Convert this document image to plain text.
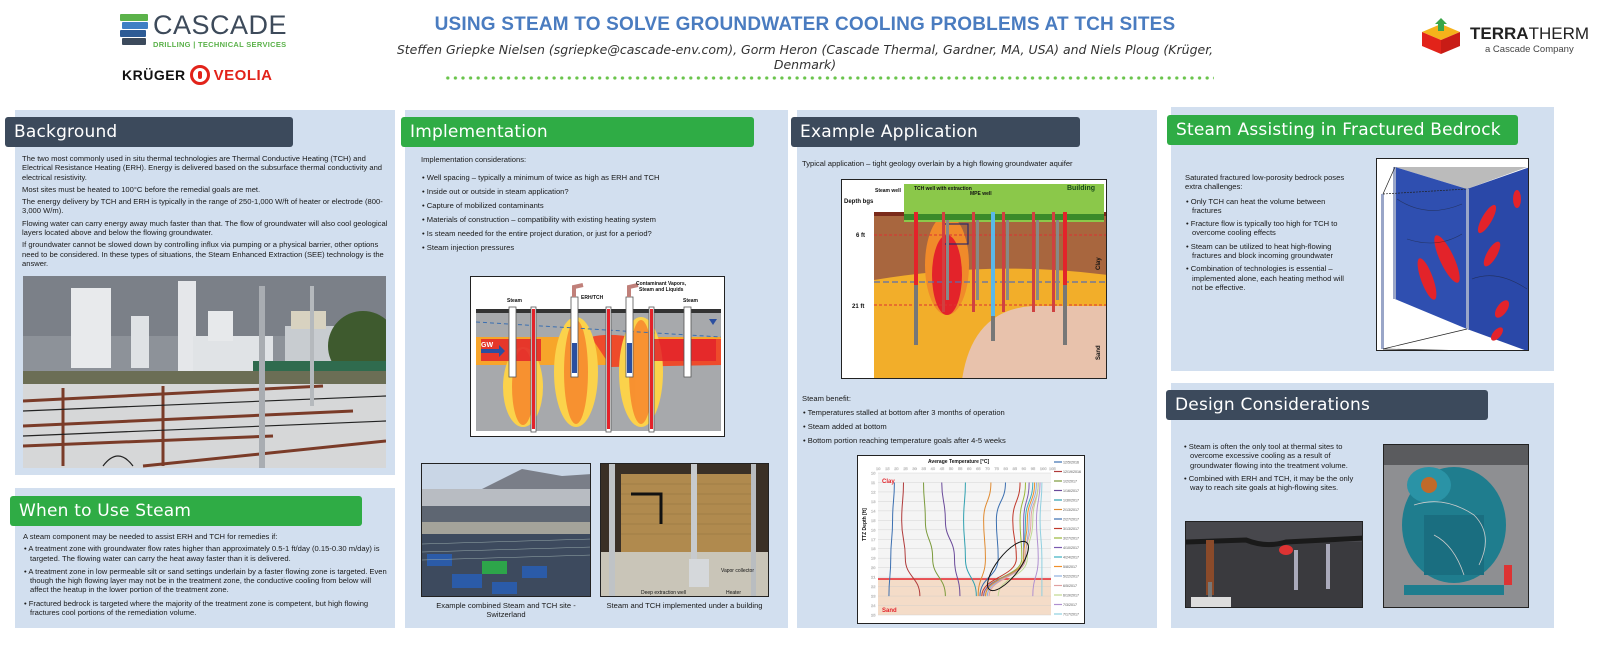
CASCADE
DRILLING | TECHNICAL SERVICES
KRÜGER VEOLIA
USING STEAM TO SOLVE GROUNDWATER COOLING PROBLEMS AT TCH SITES
Steffen Griepke Nielsen (sgriepke@cascade-env.com), Gorm Heron (Cascade Thermal, Gardner, MA, USA) and Niels Ploug (Krüger, Denmark)
TERRATHERM
a Cascade Company
Background

The two most commonly used in situ thermal technologies are Thermal Conductive Heating (TCH) and Electrical Resistance Heating (ERH). Energy is delivered based on the subsurface thermal conductivity and electrical resistivity.

Most sites must be heated to 100°C before the remedial goals are met.

The energy delivery by TCH and ERH is typically in the range of 250-1,000 W/ft of heater or electrode (800-3,000 W/m).

Flowing water can carry energy away much faster than that. The flow of groundwater will also cool geological layers located above and below the flowing groundwater.

If groundwater cannot be slowed down by controlling influx via pumping or a physical barrier, other options need to be considered. In these types of situations, the Steam Enhanced Extraction (SEE) technology is the answer.

When to Use Steam

A steam component may be needed to assist ERH and TCH for remedies if:

• A treatment zone with groundwater flow rates higher than approximately 0.5-1 ft/day (0.15-0.30 m/day) is targeted. The flowing water can carry the heat away faster than it is delivered.
• A treatment zone in low permeable silt or sand settings underlain by a faster flowing zone is targeted. Even though the high flowing layer may not be in the treatment zone, the conductive cooling from below will affect the heatup in the lower portion of the treatment zone.
• Fractured bedrock is targeted where the majority of the treatment zone is competent, but high flowing fractures cool portions of the remediation volume.
Implementation

Implementation considerations:

• Well spacing – typically a minimum of twice as high as ERH and TCH
• Inside out or outside in steam application?
• Capture of mobilized contaminants
• Materials of construction – compatibility with existing heating system
• Is steam needed for the entire project duration, or just for a period?
• Steam injection pressures
GW
Steam	ERH/TCH
Contaminant Vapors,
Steam and Liquids
Steam
Example combined Steam and TCH site - Switzerland
Deep extraction well
Vapor collector
Heater
Steam and TCH implemented under a building
Example Application
Typical application – tight geology overlain by a high flowing groundwater aquifer
Steam well	TCH well with extraction
MPE well
Building
Depth bgs
6 ft
21 ft
Clay
Sand

Steam benefit:

• Temperatures stalled at bottom after 3 months of operation
• Steam added at bottom
• Bottom portion reaching temperature goals after 4-5 weeks
10
11
12
13
14
15
16
17
18
19
20
21
22
23
24
25
10 15 20 25 30 35 40 45 50 55 60 65 70 75 80 85 90 95 100 105
Average Temperature [°C]
TTZ Depth [ft]
Clay
Sand
12/5/2016
12/19/2016
1/2/2017
1/16/2017
1/30/2017
2/13/2017
2/27/2017
3/13/2017
3/27/2017
4/10/2017
4/24/2017
5/8/2017
5/22/2017
6/5/2017
6/19/2017
7/3/2017
7/17/2017
Steam Assisting in Fractured Bedrock

Saturated fractured low-porosity bedrock poses extra challenges:

• Only TCH can heat the volume between fractures
• Fracture flow is typically too high for TCH to overcome cooling effects
• Steam can be utilized to heat high-flowing fractures and block incoming groundwater
• Combination of technologies is essential – implemented alone, each heating method will not be effective.
Design Considerations
• Steam is often the only tool at thermal sites to overcome excessive cooling as a result of groundwater flowing into the treatment volume.
• Combined with ERH and TCH, it may be the only way to reach site goals at high-flowing sites.
